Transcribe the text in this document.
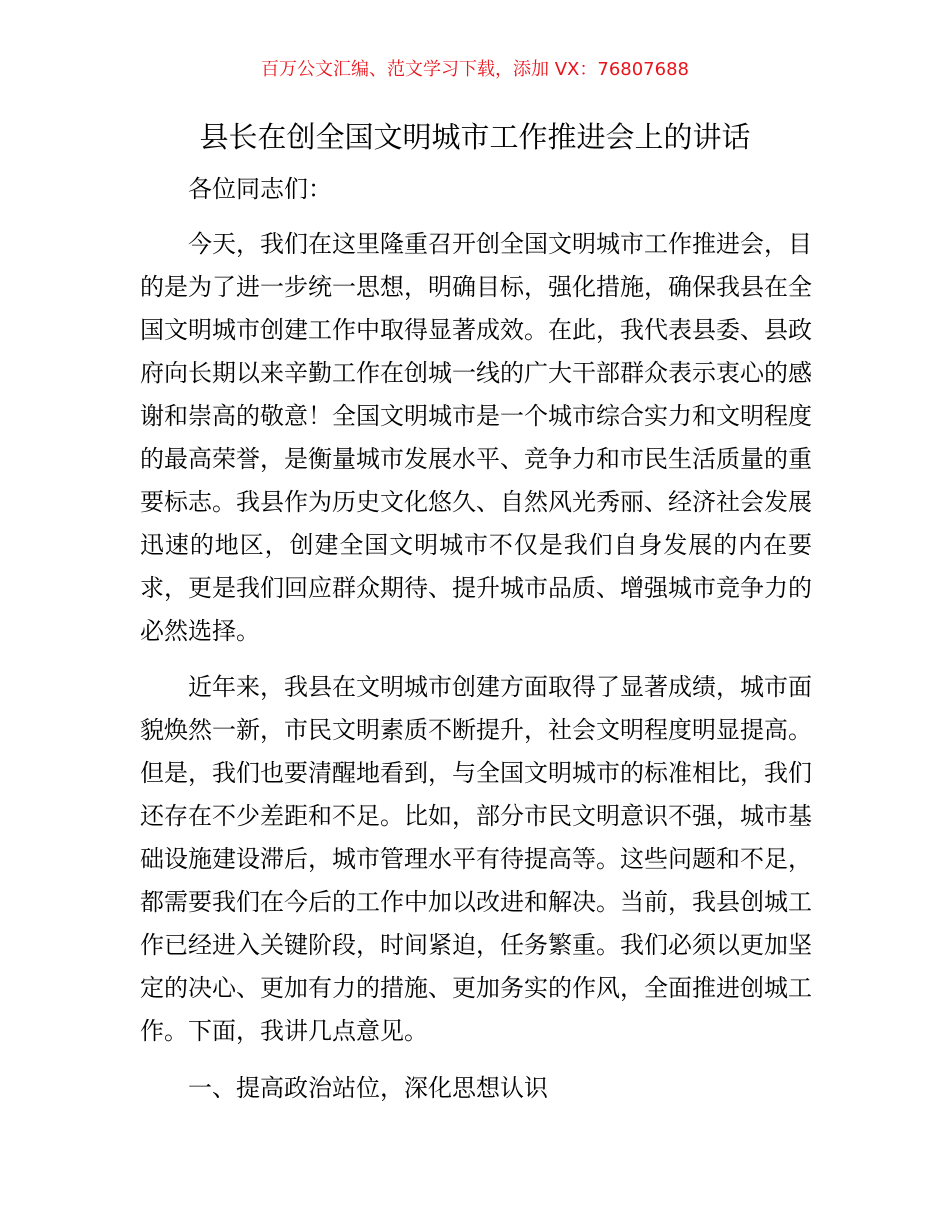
百万公文汇编、范文学习下载，添加 VX：76807688
县长在创全国文明城市工作推进会上的讲话

各位同志们：

今天，我们在这里隆重召开创全国文明城市工作推进会，目的是为了进一步统一思想，明确目标，强化措施，确保我县在全国文明城市创建工作中取得显著成效。在此，我代表县委、县政府向长期以来辛勤工作在创城一线的广大干部群众表示衷心的感谢和崇高的敬意！全国文明城市是一个城市综合实力和文明程度的最高荣誉，是衡量城市发展水平、竞争力和市民生活质量的重要标志。我县作为历史文化悠久、自然风光秀丽、经济社会发展迅速的地区，创建全国文明城市不仅是我们自身发展的内在要求，更是我们回应群众期待、提升城市品质、增强城市竞争力的必然选择。

近年来，我县在文明城市创建方面取得了显著成绩，城市面貌焕然一新，市民文明素质不断提升，社会文明程度明显提高。但是，我们也要清醒地看到，与全国文明城市的标准相比，我们还存在不少差距和不足。比如，部分市民文明意识不强，城市基础设施建设滞后，城市管理水平有待提高等。这些问题和不足，都需要我们在今后的工作中加以改进和解决。当前，我县创城工作已经进入关键阶段，时间紧迫，任务繁重。我们必须以更加坚定的决心、更加有力的措施、更加务实的作风，全面推进创城工作。下面，我讲几点意见。

一、提高政治站位，深化思想认识
